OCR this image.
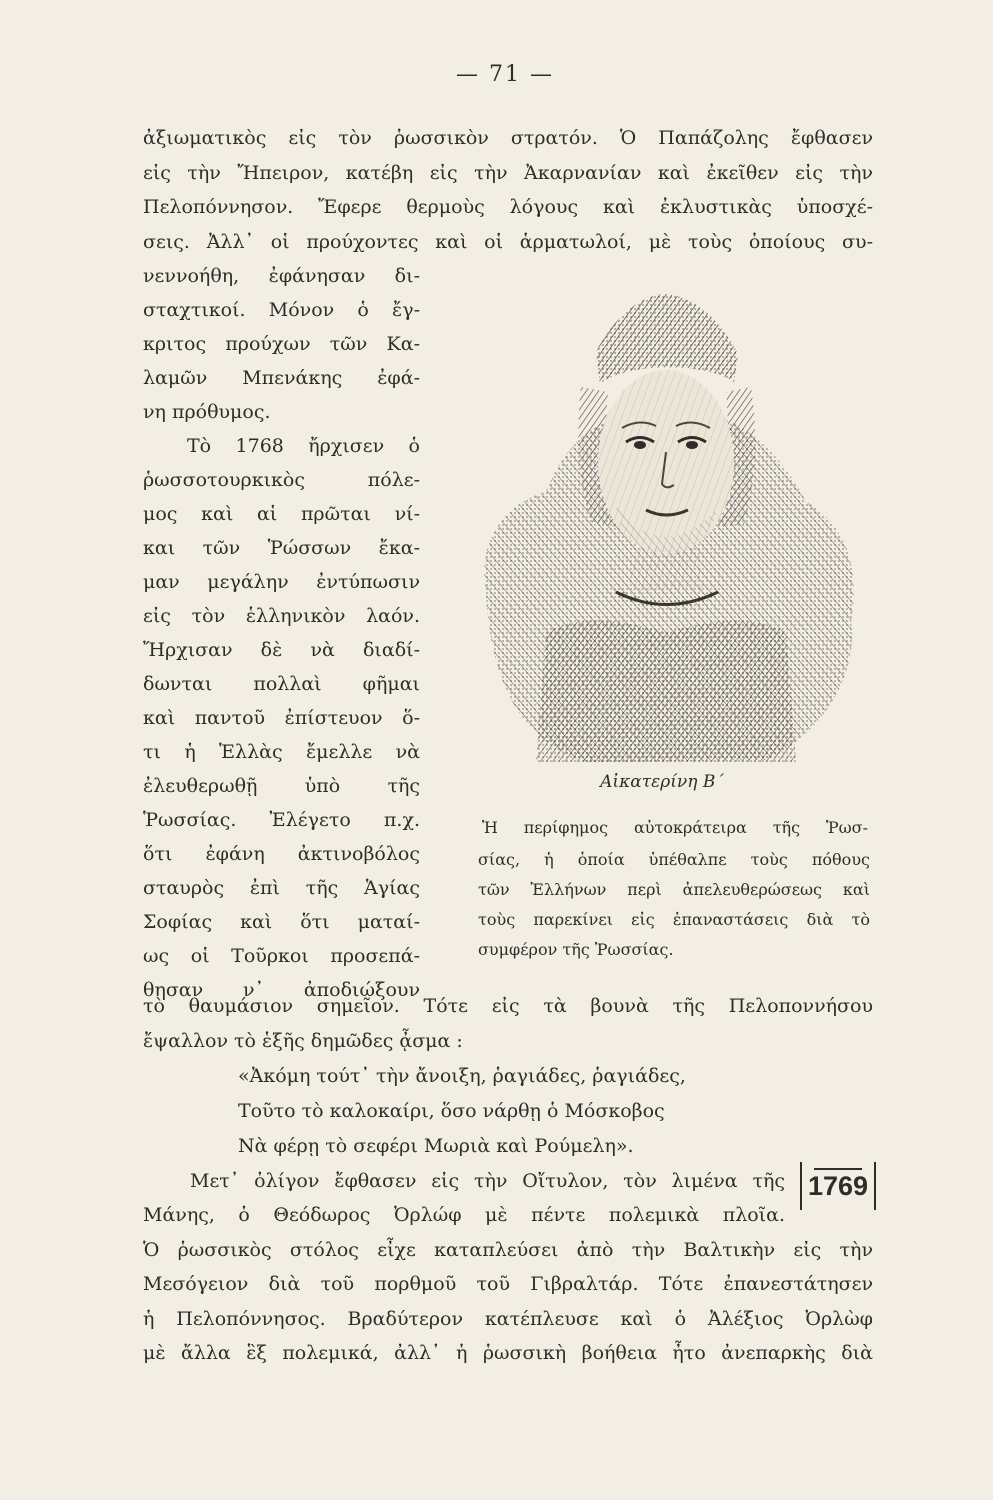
— 71 —
ἀξιωματικὸς εἰς τὸν ῥωσσικὸν στρατόν. Ὁ Παπάζολης ἔφθασεν
εἰς τὴν Ἤπειρον, κατέβη εἰς τὴν Ἀκαρνανίαν καὶ ἐκεῖθεν εἰς τὴν
Πελοπόννησον. Ἔφερε θερμοὺς λόγους καὶ ἐκλυστικὰς ὑποσχέ-
σεις. Ἀλλ᾽ οἱ προύχοντες καὶ οἱ ἁρματωλοί, μὲ τοὺς ὁποίους συ-
νεννοήθη, ἐφάνησαν δι-
σταχτικοί. Μόνον ὁ ἔγ-
κριτος προύχων τῶν Κα-
λαμῶν Μπενάκης ἐφά-
νη πρόθυμος.
Τὸ 1768 ἤρχισεν ὁ
ῥωσσοτουρκικὸς πόλε-
μος καὶ αἱ πρῶται νί-
και τῶν Ῥώσσων ἔκα-
μαν μεγάλην ἐντύπωσιν
εἰς τὸν ἑλληνικὸν λαόν.
Ἤρχισαν δὲ νὰ διαδί-
δωνται πολλαὶ φῆμαι
καὶ παντοῦ ἐπίστευον ὅ-
τι ἡ Ἑλλὰς ἔμελλε νὰ
ἐλευθερωθῇ ὑπὸ τῆς
Ῥωσσίας. Ἐλέγετο π.χ.
ὅτι ἐφάνη ἀκτινοβόλος
σταυρὸς ἐπὶ τῆς Ἁγίας
Σοφίας καὶ ὅτι ματαί-
ως οἱ Τοῦρκοι προσεπά-
θησαν ν᾽ ἀποδιώξουν
Αἰκατερίνη Β΄
Ἡ περίφημος αὐτοκράτειρα τῆς Ῥωσ-
σίας, ἡ ὁποία ὑπέθαλπε τοὺς πόθους
τῶν Ἑλλήνων περὶ ἀπελευθερώσεως καὶ
τοὺς παρεκίνει εἰς ἐπαναστάσεις διὰ τὸ
συμφέρον τῆς Ῥωσσίας.
τὸ θαυμάσιον σημεῖον. Τότε εἰς τὰ βουνὰ τῆς Πελοποννήσου
ἔψαλλον τὸ ἑξῆς δημῶδες ᾆσμα :
«Ἀκόμη τούτ᾽ τὴν ἄνοιξη, ῥαγιάδες, ῥαγιάδες,
Τοῦτο τὸ καλοκαίρι, ὅσο νάρθῃ ὁ Μόσκοβος
Νὰ φέρῃ τὸ σεφέρι Μωριὰ καὶ Ρούμελη».
Μετ᾽ ὀλίγον ἔφθασεν εἰς τὴν Οἴτυλον, τὸν λιμένα τῆς
Μάνης, ὁ Θεόδωρος Ὀρλώφ μὲ πέντε πολεμικὰ πλοῖα.
1769
Ὁ ῥωσσικὸς στόλος εἶχε καταπλεύσει ἀπὸ τὴν Βαλτικὴν εἰς τὴν
Μεσόγειον διὰ τοῦ πορθμοῦ τοῦ Γιβραλτάρ. Τότε ἐπανεστάτησεν
ἡ Πελοπόννησος. Βραδύτερον κατέπλευσε καὶ ὁ Ἀλέξιος Ὀρλὼφ
μὲ ἄλλα ἓξ πολεμικά, ἀλλ᾽ ἡ ῥωσσικὴ βοήθεια ἦτο ἀνεπαρκὴς διὰ
